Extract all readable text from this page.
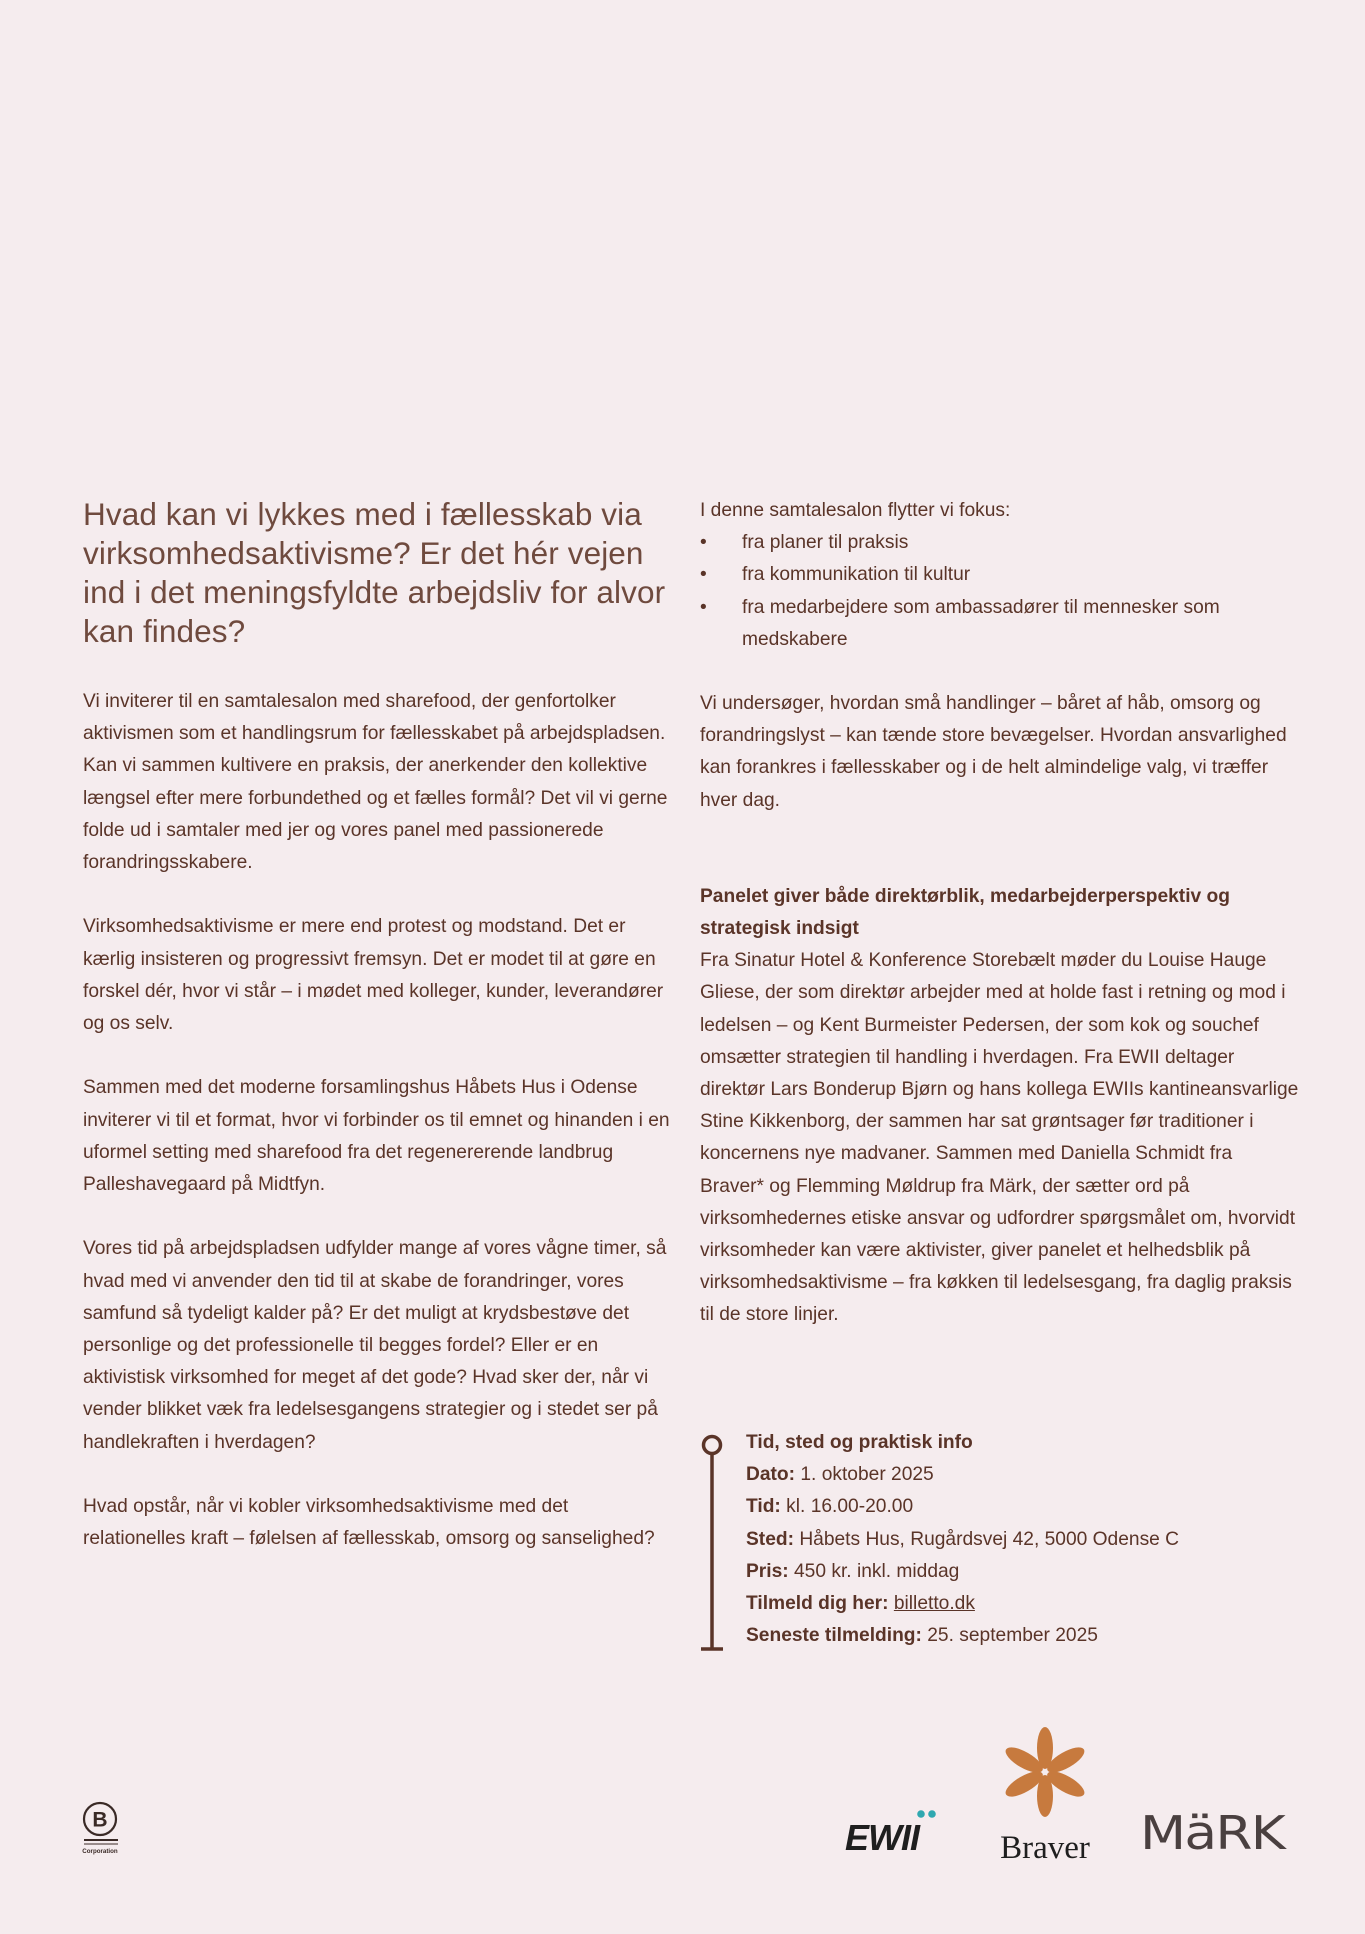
Hvad kan vi lykkes med i fællesskab via virksomhedsaktivisme? Er det hér vejen ind i det meningsfyldte arbejdsliv for alvor kan findes?

Vi inviterer til en samtalesalon med sharefood, der genfortolker aktivismen som et handlingsrum for fællesskabet på arbejdspladsen. Kan vi sammen kultivere en praksis, der anerkender den kollektive længsel efter mere forbundethed og et fælles formål? Det vil vi gerne folde ud i samtaler med jer og vores panel med passionerede forandringsskabere.

Virksomhedsaktivisme er mere end protest og modstand. Det er kærlig insisteren og progressivt fremsyn. Det er modet til at gøre en forskel dér, hvor vi står – i mødet med kolleger, kunder, leverandører og os selv.

Sammen med det moderne forsamlingshus Håbets Hus i Odense inviterer vi til et format, hvor vi forbinder os til emnet og hinanden i en uformel setting med sharefood fra det regenererende landbrug Palleshavegaard på Midtfyn.

Vores tid på arbejdspladsen udfylder mange af vores vågne timer, så hvad med vi anvender den tid til at skabe de forandringer, vores samfund så tydeligt kalder på? Er det muligt at krydsbestøve det personlige og det professionelle til begges fordel? Eller er en aktivistisk virksomhed for meget af det gode? Hvad sker der, når vi vender blikket væk fra ledelsesgangens strategier og i stedet ser på handlekraften i hverdagen?

Hvad opstår, når vi kobler virksomhedsaktivisme med det relationelles kraft – følelsen af fællesskab, omsorg og sanselighed?

I denne samtalesalon flytter vi fokus:

• fra planer til praksis
• fra kommunikation til kultur
• fra medarbejdere som ambassadører til mennesker som medskabere

Vi undersøger, hvordan små handlinger – båret af håb, omsorg og forandringslyst – kan tænde store bevægelser. Hvordan ansvarlighed kan forankres i fællesskaber og i de helt almindelige valg, vi træffer hver dag.

Panelet giver både direktørblik, medarbejderperspektiv og strategisk indsigt

Fra Sinatur Hotel & Konference Storebælt møder du Louise Hauge Gliese, der som direktør arbejder med at holde fast i retning og mod i ledelsen – og Kent Burmeister Pedersen, der som kok og souchef omsætter strategien til handling i hverdagen. Fra EWII deltager direktør Lars Bonderup Bjørn og hans kollega EWIIs kantineansvarlige Stine Kikkenborg, der sammen har sat grøntsager før traditioner i koncernens nye madvaner. Sammen med Daniella Schmidt fra Braver* og Flemming Møldrup fra Märk, der sætter ord på virksomhedernes etiske ansvar og udfordrer spørgsmålet om, hvorvidt virksomheder kan være aktivister, giver panelet et helhedsblik på virksomhedsaktivisme – fra køkken til ledelsesgang, fra daglig praksis til de store linjer.

Tid, sted og praktisk info

Dato: 1. oktober 2025

Tid: kl. 16.00-20.00

Sted: Håbets Hus, Rugårdsvej 42, 5000 Odense C

Pris: 450 kr. inkl. middag

Tilmeld dig her: billetto.dk

Seneste tilmelding: 25. september 2025

B
Corporation	EWII Braver MäRK
